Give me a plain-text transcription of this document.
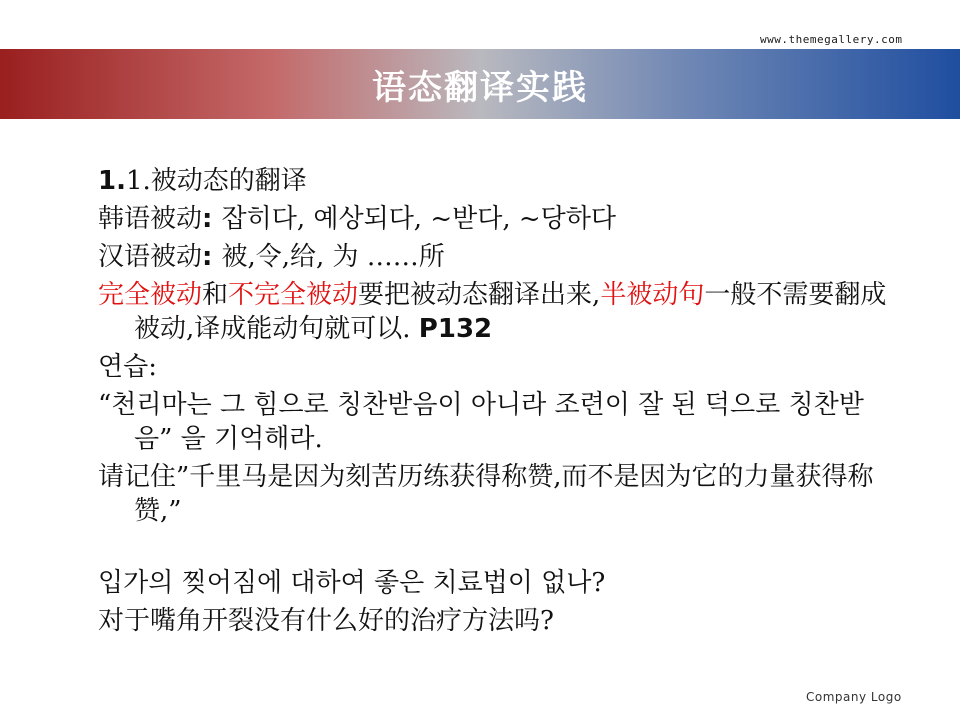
www.themegallery.com
语态翻译实践
1.1.被动态的翻译
韩语被动: 잡히다, 예상되다, ~받다, ~당하다
汉语被动: 被,令,给, 为 ……所
完全被动和不完全被动要把被动态翻译出来,半被动句一般不需要翻成被动,译成能动句就可以. P132
연습:
“천리마는 그 힘으로 칭찬받음이 아니라 조련이 잘 된 덕으로 칭찬받음” 을 기억해라.
请记住”千里马是因为刻苦历练获得称赞,而不是因为它的力量获得称赞,”
입가의 찢어짐에 대하여 좋은 치료법이 없나?
对于嘴角开裂没有什么好的治疗方法吗?
Company Logo
